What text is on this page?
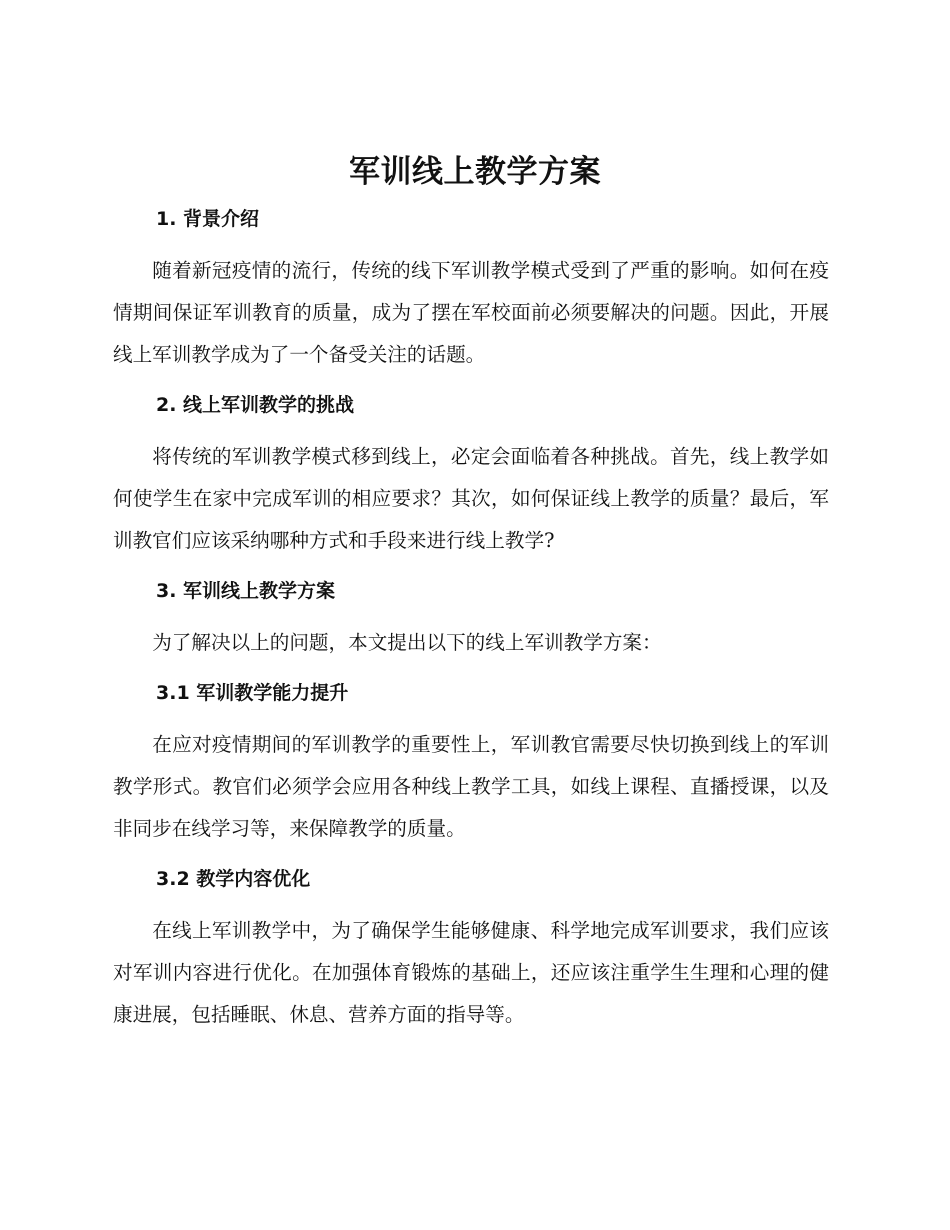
军训线上教学方案
1. 背景介绍

随着新冠疫情的流行，传统的线下军训教学模式受到了严重的影响。如何在疫情期间保证军训教育的质量，成为了摆在军校面前必须要解决的问题。因此，开展线上军训教学成为了一个备受关注的话题。

2. 线上军训教学的挑战

将传统的军训教学模式移到线上，必定会面临着各种挑战。首先，线上教学如何使学生在家中完成军训的相应要求？其次，如何保证线上教学的质量？最后，军训教官们应该采纳哪种方式和手段来进行线上教学?

3. 军训线上教学方案

为了解决以上的问题，本文提出以下的线上军训教学方案：

3.1 军训教学能力提升

在应对疫情期间的军训教学的重要性上，军训教官需要尽快切换到线上的军训教学形式。教官们必须学会应用各种线上教学工具，如线上课程、直播授课，以及非同步在线学习等，来保障教学的质量。

3.2 教学内容优化

在线上军训教学中，为了确保学生能够健康、科学地完成军训要求，我们应该对军训内容进行优化。在加强体育锻炼的基础上，还应该注重学生生理和心理的健康进展，包括睡眠、休息、营养方面的指导等。
